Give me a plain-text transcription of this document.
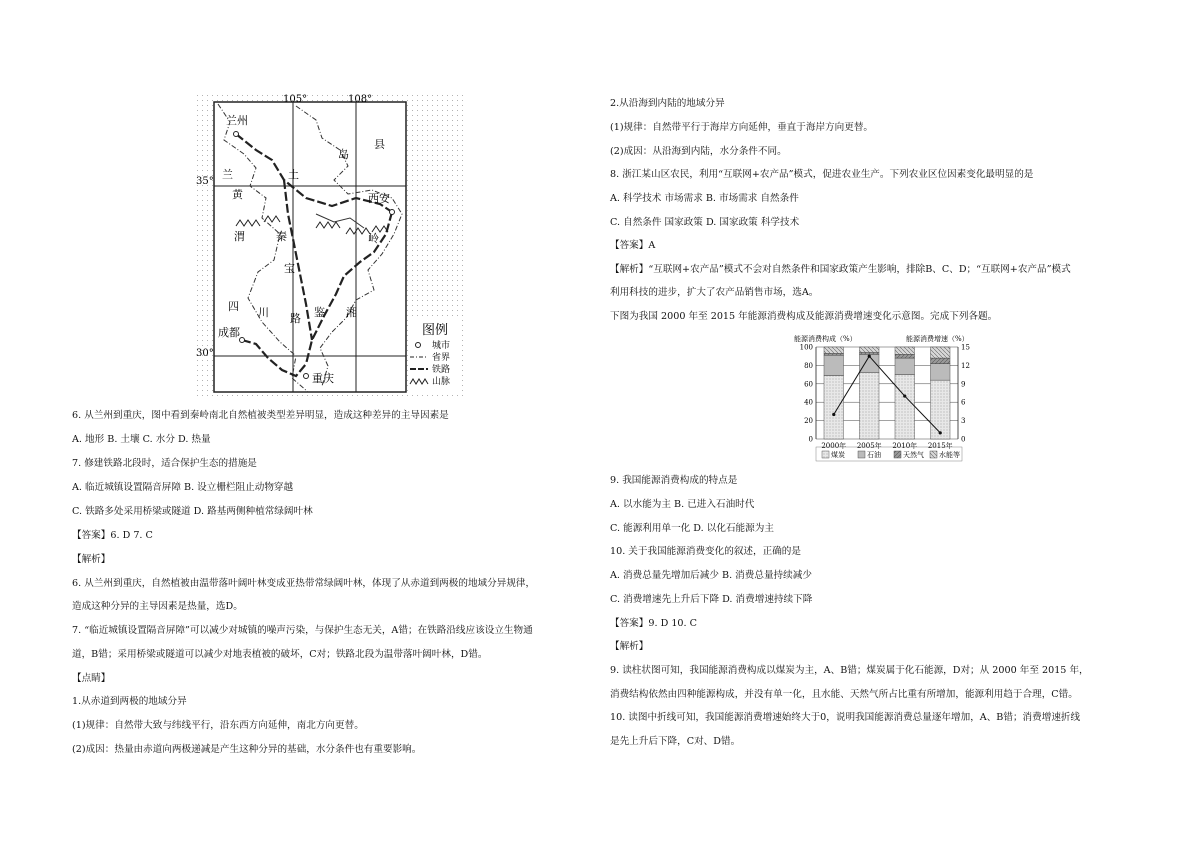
105°	108°
35°
30°
兰州
兰	土
岛
县
黄	西安
渭	秦	岭
宝
四 川 路 鉴 湘
成都
重庆
图例
城市
省界
铁路
山脉
6. 从兰州到重庆，图中看到秦岭南北自然植被类型差异明显，造成这种差异的主导因素是
A. 地形 B. 土壤 C. 水分 D. 热量
7. 修建铁路北段时，适合保护生态的措施是
A. 临近城镇设置隔音屏障 B. 设立栅栏阻止动物穿越
C. 铁路多处采用桥梁或隧道 D. 路基两侧种植常绿阔叶林
【答案】6. D 7. C
【解析】
6. 从兰州到重庆，自然植被由温带落叶阔叶林变成亚热带常绿阔叶林，体现了从赤道到两极的地域分异规律，
造成这种分异的主导因素是热量，选D。
7. “临近城镇设置隔音屏障”可以减少对城镇的噪声污染，与保护生态无关，A错；在铁路沿线应该设立生物通
道，B错；采用桥梁或隧道可以减少对地表植被的破坏，C对；铁路北段为温带落叶阔叶林，D错。
【点睛】
1.从赤道到两极的地域分异
(1)规律：自然带大致与纬线平行，沿东西方向延伸，南北方向更替。
(2)成因：热量由赤道向两极递减是产生这种分异的基础，水分条件也有重要影响。
2.从沿海到内陆的地域分异
(1)规律：自然带平行于海岸方向延伸，垂直于海岸方向更替。
(2)成因：从沿海到内陆，水分条件不同。
8. 浙江某山区农民，利用“互联网+农产品”模式，促进农业生产。下列农业区位因素变化最明显的是
A. 科学技术 市场需求 B. 市场需求 自然条件
C. 自然条件 国家政策 D. 国家政策 科学技术
【答案】A
【解析】“互联网+农产品”模式不会对自然条件和国家政策产生影响，排除B、C、D；“互联网+农产品”模式
利用科技的进步，扩大了农产品销售市场，选A。
下图为我国 2000 年至 2015 年能源消费构成及能源消费增速变化示意图。完成下列各题。
能源消费构成（%）	能源消费增速（%）
0
20
40
60
80
100
0
3
6
9
12
15
2000年 2005年 2010年 2015年
煤炭	石油	天然气 水能等
9. 我国能源消费构成的特点是
A. 以水能为主 B. 已进入石油时代
C. 能源利用单一化 D. 以化石能源为主
10. 关于我国能源消费变化的叙述，正确的是
A. 消费总量先增加后减少 B. 消费总量持续减少
C. 消费增速先上升后下降 D. 消费增速持续下降
【答案】9. D 10. C
【解析】
9. 读柱状图可知，我国能源消费构成以煤炭为主，A、B错；煤炭属于化石能源，D对；从 2000 年至 2015 年，
消费结构依然由四种能源构成，并没有单一化，且水能、天然气所占比重有所增加，能源利用趋于合理，C错。
10. 读图中折线可知，我国能源消费增速始终大于0，说明我国能源消费总量逐年增加，A、B错；消费增速折线
是先上升后下降，C对、D错。
